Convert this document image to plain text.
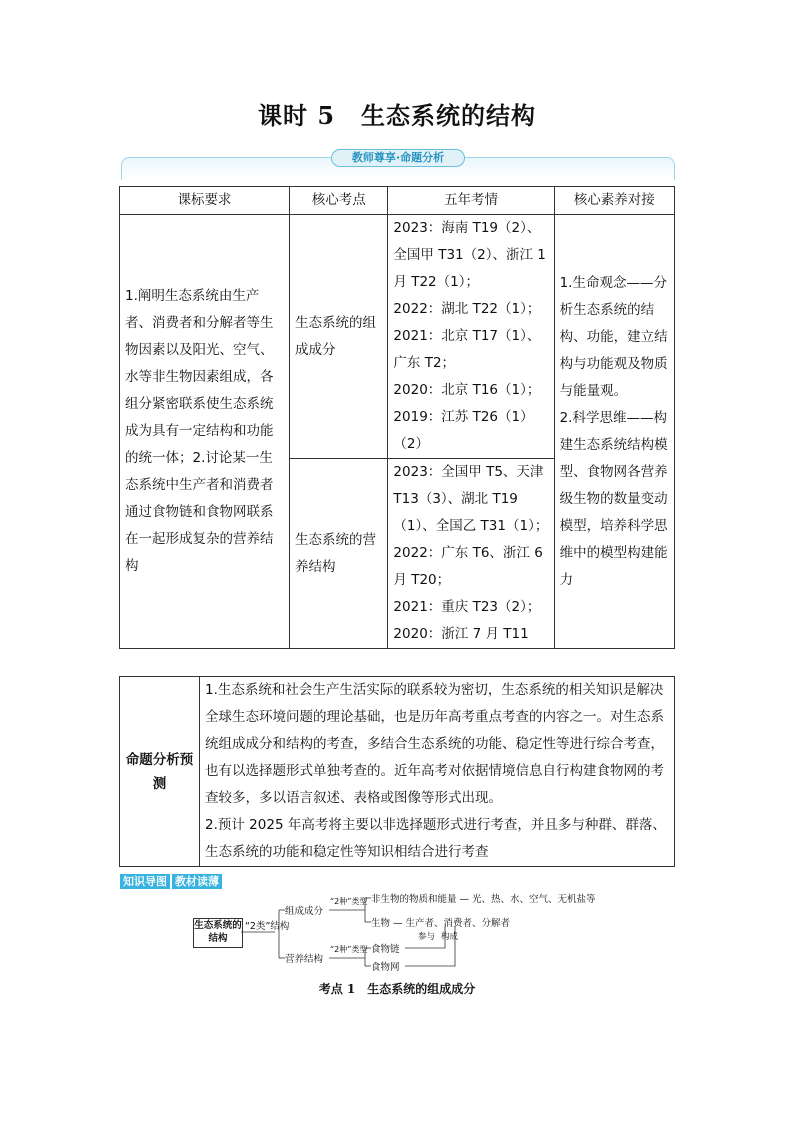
课时 5 生态系统的结构
教师尊享·命题分析
课标要求	核心考点	五年考情	核心素养对接
1.阐明生态系统由生产者、消费者和分解者等生物因素以及阳光、空气、水等非生物因素组成，各组分紧密联系使生态系统成为具有一定结构和功能的统一体；2.讨论某一生态系统中生产者和消费者通过食物链和食物网联系在一起形成复杂的营养结构	生态系统的组成成分	2023：海南 T19（2）、全国甲 T31（2）、浙江 1 月 T22（1）；
2022：湖北 T22（1）；
2021：北京 T17（1）、广东 T2；
2020：北京 T16（1）；
2019：江苏 T26（1）（2）	1.生命观念——分析生态系统的结构、功能，建立结构与功能观及物质与能量观。
2.科学思维——构建生态系统结构模型、食物网各营养级生物的数量变动模型，培养科学思维中的模型构建能力

	生态系统的营养结构	2023：全国甲 T5、天津 T13（3）、湖北 T19（1）、全国乙 T31（1）；
2022：广东 T6、浙江 6 月 T20；
2021：重庆 T23（2）；
2020：浙江 7 月 T11	
命题分析预测	
1.生态系统和社会生产生活实际的联系较为密切，生态系统的相关知识是解决全球生态环境问题的理论基础，也是历年高考重点考查的内容之一。对生态系统组成成分和结构的考查，多结合生态系统的功能、稳定性等进行综合考查，也有以选择题形式单独考查的。近年高考对依据情境信息自行构建食物网的考查较多，多以语言叙述、表格或图像等形式出现。
2.预计 2025 年高考将主要以非选择题形式进行考查，并且多与种群、群落、生态系统的功能和稳定性等知识相结合进行考查
知识导图 教材读薄
生态系统的结构
“2类”结构
组成成分
“2种”类型 非生物的物质和能量 — 光、热、水、空气、无机盐等
生物 — 生产者、消费者、分解者
营养结构
“2种”类型 食物链
食物网
参与 构成
考点 1　生态系统的组成成分
